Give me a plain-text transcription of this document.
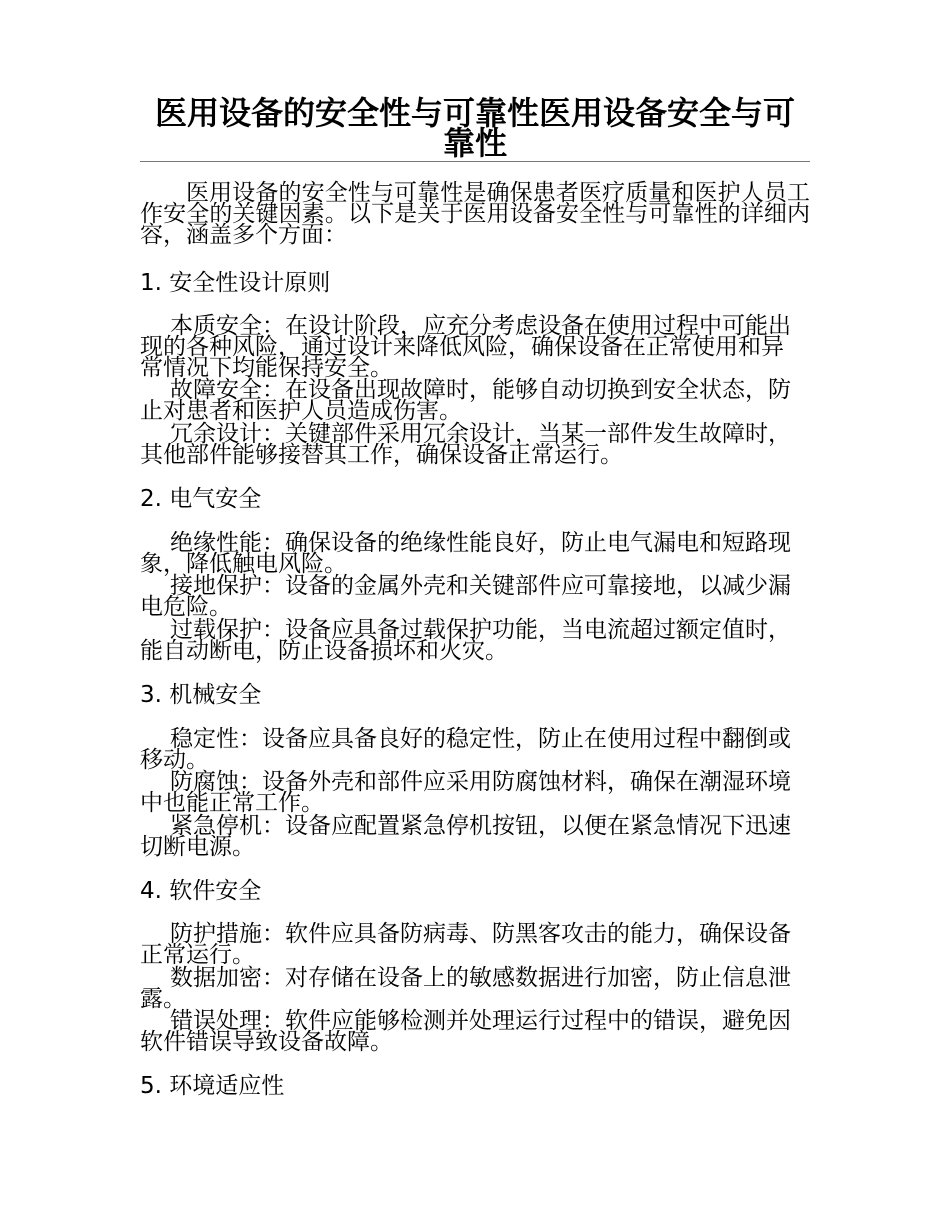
医用设备的安全性与可靠性医用设备安全与可靠性
医用设备的安全性与可靠性是确保患者医疗质量和医护人员工作安全的关键因素。以下是关于医用设备安全性与可靠性的详细内容，涵盖多个方面：
1. 安全性设计原则
本质安全：在设计阶段，应充分考虑设备在使用过程中可能出现的各种风险，通过设计来降低风险，确保设备在正常使用和异常情况下均能保持安全。
故障安全：在设备出现故障时，能够自动切换到安全状态，防止对患者和医护人员造成伤害。
冗余设计：关键部件采用冗余设计，当某一部件发生故障时，其他部件能够接替其工作，确保设备正常运行。
2. 电气安全
绝缘性能：确保设备的绝缘性能良好，防止电气漏电和短路现象，降低触电风险。
接地保护：设备的金属外壳和关键部件应可靠接地，以减少漏电危险。
过载保护：设备应具备过载保护功能，当电流超过额定值时，能自动断电，防止设备损坏和火灾。
3. 机械安全
稳定性：设备应具备良好的稳定性，防止在使用过程中翻倒或移动。
防腐蚀：设备外壳和部件应采用防腐蚀材料，确保在潮湿环境中也能正常工作。
紧急停机：设备应配置紧急停机按钮，以便在紧急情况下迅速切断电源。
4. 软件安全
防护措施：软件应具备防病毒、防黑客攻击的能力，确保设备正常运行。
数据加密：对存储在设备上的敏感数据进行加密，防止信息泄露。
错误处理：软件应能够检测并处理运行过程中的错误，避免因软件错误导致设备故障。
5. 环境适应性
